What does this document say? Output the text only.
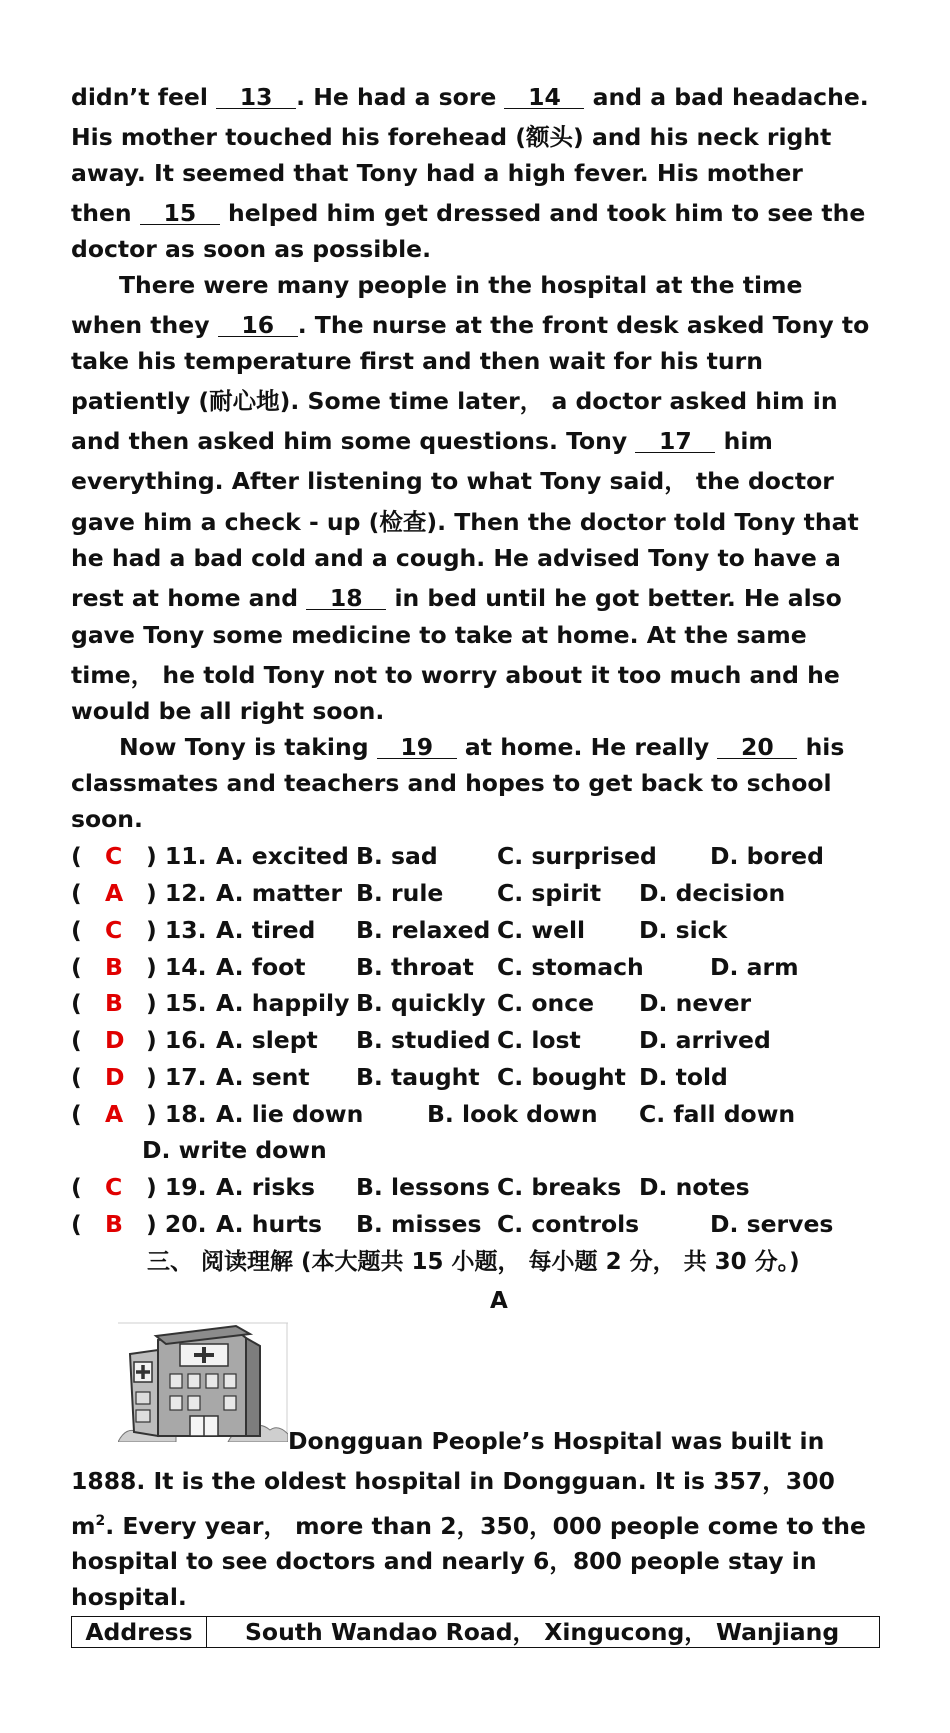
didn’t feel 13 . He had a sore 14 and a bad headache.
His mother touched his forehead (额头) and his neck right
away. It seemed that Tony had a high fever. His mother
then 15 helped him get dressed and took him to see the
doctor as soon as possible.
There were many people in the hospital at the time
when they 16 . The nurse at the front desk asked Tony to
take his temperature first and then wait for his turn
patiently (耐心地). Some time later， a doctor asked him in
and then asked him some questions. Tony 17 him
everything. After listening to what Tony said， the doctor
gave him a check - up (检查). Then the doctor told Tony that
he had a bad cold and a cough. He advised Tony to have a
rest at home and 18 in bed until he got better. He also
gave Tony some medicine to take at home. At the same
time， he told Tony not to worry about it too much and he
would be all right soon.
Now Tony is taking 19 at home. He really 20 his
classmates and teachers and hopes to get back to school
soon.
( C ) 11. A. excited B. sad	C. surprised D. bored
( A ) 12. A. matter B. rule C. spirit D. decision
( C ) 13. A. tired B. relaxed C. well D. sick
( B ) 14. A. foot B. throat C. stomach	D. arm
( B ) 15. A. happily B. quickly C. once D. never
( D ) 16. A. slept B. studied C. lost D. arrived
( D ) 17. A. sent B. taught C. bought D. told
( A ) 18. A. lie down	B. look down C. fall down
D. write down
( C ) 19. A. risks B. lessons C. breaks D. notes
( B ) 20. A. hurts B. misses C. controls	D. serves
三、 阅读理解 (本大题共 15 小题， 每小题 2 分， 共 30 分。)
A
Dongguan People’s Hospital was built in
1888. It is the oldest hospital in Dongguan. It is 357，300
$m^2$. Every year， more than 2，350，000 people come to the
hospital to see doctors and nearly 6，800 people stay in
hospital.
Address	South Wandao Road， Xingucong， Wanjiang
